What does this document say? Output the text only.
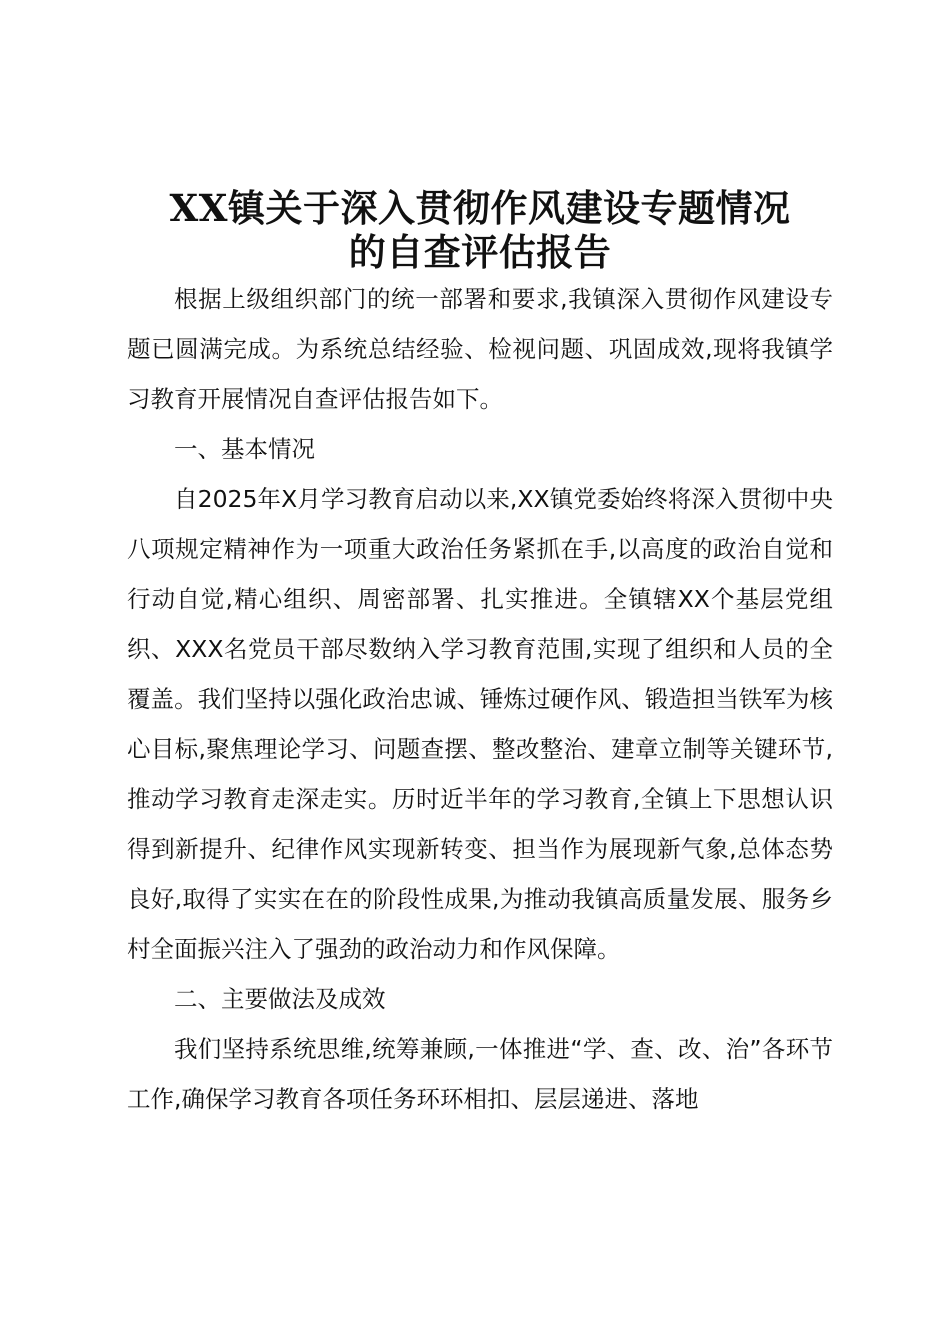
XX镇关于深入贯彻作风建设专题情况
的自查评估报告

根据上级组织部门的统一部署和要求,我镇深入贯彻作风建设专题已圆满完成。为系统总结经验、检视问题、巩固成效,现将我镇学习教育开展情况自查评估报告如下。

一、基本情况

自2025年X月学习教育启动以来,XX镇党委始终将深入贯彻中央八项规定精神作为一项重大政治任务紧抓在手,以高度的政治自觉和行动自觉,精心组织、周密部署、扎实推进。全镇辖XX个基层党组织、XXX名党员干部尽数纳入学习教育范围,实现了组织和人员的全覆盖。我们坚持以强化政治忠诚、锤炼过硬作风、锻造担当铁军为核心目标,聚焦理论学习、问题查摆、整改整治、建章立制等关键环节,推动学习教育走深走实。历时近半年的学习教育,全镇上下思想认识得到新提升、纪律作风实现新转变、担当作为展现新气象,总体态势良好,取得了实实在在的阶段性成果,为推动我镇高质量发展、服务乡村全面振兴注入了强劲的政治动力和作风保障。

二、主要做法及成效

我们坚持系统思维,统筹兼顾,一体推进“学、查、改、治”各环节工作,确保学习教育各项任务环环相扣、层层递进、落地
